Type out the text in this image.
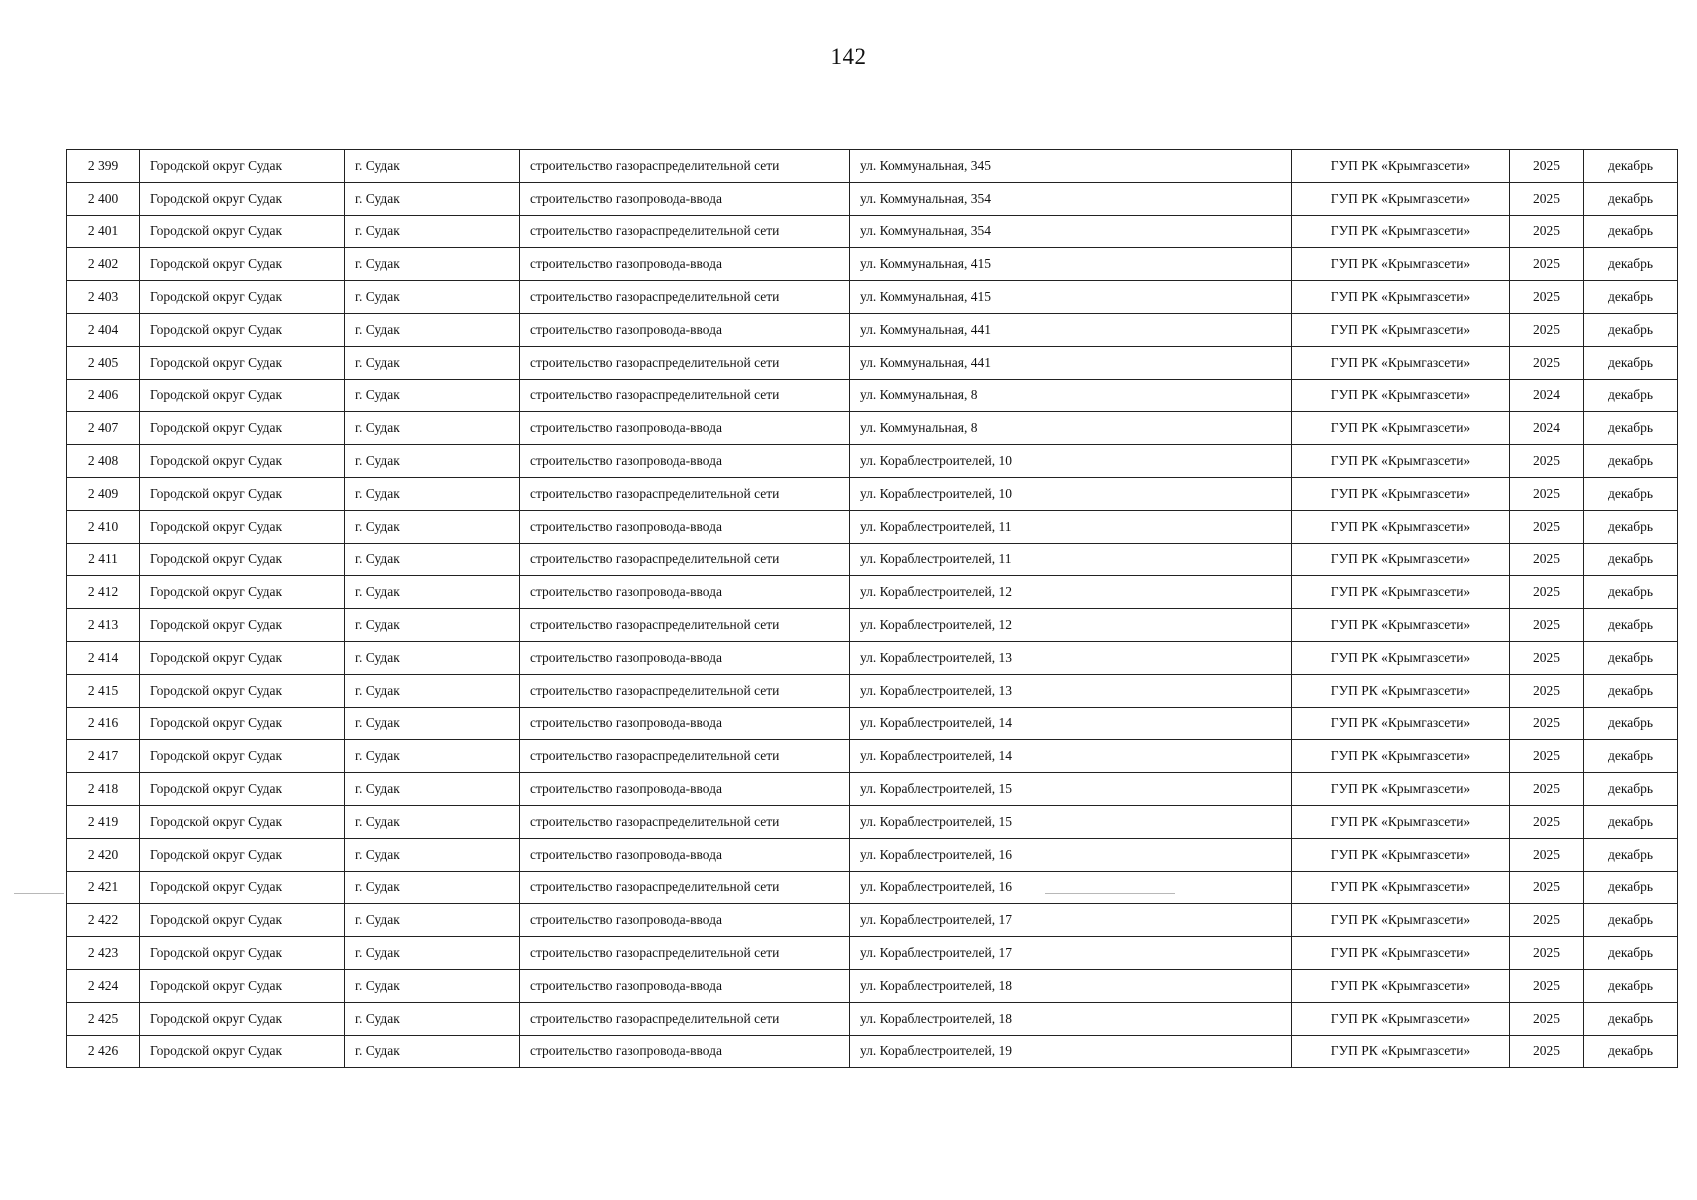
142
2 399	Городской округ Судак	г. Судак	строительство газораспределительной сети	ул. Коммунальная, 345	ГУП РК «Крымгазсети»	2025	декабрь
2 400	Городской округ Судак	г. Судак	строительство газопровода-ввода	ул. Коммунальная, 354	ГУП РК «Крымгазсети»	2025	декабрь
2 401	Городской округ Судак	г. Судак	строительство газораспределительной сети	ул. Коммунальная, 354	ГУП РК «Крымгазсети»	2025	декабрь
2 402	Городской округ Судак	г. Судак	строительство газопровода-ввода	ул. Коммунальная, 415	ГУП РК «Крымгазсети»	2025	декабрь
2 403	Городской округ Судак	г. Судак	строительство газораспределительной сети	ул. Коммунальная, 415	ГУП РК «Крымгазсети»	2025	декабрь
2 404	Городской округ Судак	г. Судак	строительство газопровода-ввода	ул. Коммунальная, 441	ГУП РК «Крымгазсети»	2025	декабрь
2 405	Городской округ Судак	г. Судак	строительство газораспределительной сети	ул. Коммунальная, 441	ГУП РК «Крымгазсети»	2025	декабрь
2 406	Городской округ Судак	г. Судак	строительство газораспределительной сети	ул. Коммунальная, 8	ГУП РК «Крымгазсети»	2024	декабрь
2 407	Городской округ Судак	г. Судак	строительство газопровода-ввода	ул. Коммунальная, 8	ГУП РК «Крымгазсети»	2024	декабрь
2 408	Городской округ Судак	г. Судак	строительство газопровода-ввода	ул. Кораблестроителей, 10	ГУП РК «Крымгазсети»	2025	декабрь
2 409	Городской округ Судак	г. Судак	строительство газораспределительной сети	ул. Кораблестроителей, 10	ГУП РК «Крымгазсети»	2025	декабрь
2 410	Городской округ Судак	г. Судак	строительство газопровода-ввода	ул. Кораблестроителей, 11	ГУП РК «Крымгазсети»	2025	декабрь
2 411	Городской округ Судак	г. Судак	строительство газораспределительной сети	ул. Кораблестроителей, 11	ГУП РК «Крымгазсети»	2025	декабрь
2 412	Городской округ Судак	г. Судак	строительство газопровода-ввода	ул. Кораблестроителей, 12	ГУП РК «Крымгазсети»	2025	декабрь
2 413	Городской округ Судак	г. Судак	строительство газораспределительной сети	ул. Кораблестроителей, 12	ГУП РК «Крымгазсети»	2025	декабрь
2 414	Городской округ Судак	г. Судак	строительство газопровода-ввода	ул. Кораблестроителей, 13	ГУП РК «Крымгазсети»	2025	декабрь
2 415	Городской округ Судак	г. Судак	строительство газораспределительной сети	ул. Кораблестроителей, 13	ГУП РК «Крымгазсети»	2025	декабрь
2 416	Городской округ Судак	г. Судак	строительство газопровода-ввода	ул. Кораблестроителей, 14	ГУП РК «Крымгазсети»	2025	декабрь
2 417	Городской округ Судак	г. Судак	строительство газораспределительной сети	ул. Кораблестроителей, 14	ГУП РК «Крымгазсети»	2025	декабрь
2 418	Городской округ Судак	г. Судак	строительство газопровода-ввода	ул. Кораблестроителей, 15	ГУП РК «Крымгазсети»	2025	декабрь
2 419	Городской округ Судак	г. Судак	строительство газораспределительной сети	ул. Кораблестроителей, 15	ГУП РК «Крымгазсети»	2025	декабрь
2 420	Городской округ Судак	г. Судак	строительство газопровода-ввода	ул. Кораблестроителей, 16	ГУП РК «Крымгазсети»	2025	декабрь
2 421	Городской округ Судак	г. Судак	строительство газораспределительной сети	ул. Кораблестроителей, 16	ГУП РК «Крымгазсети»	2025	декабрь
2 422	Городской округ Судак	г. Судак	строительство газопровода-ввода	ул. Кораблестроителей, 17	ГУП РК «Крымгазсети»	2025	декабрь
2 423	Городской округ Судак	г. Судак	строительство газораспределительной сети	ул. Кораблестроителей, 17	ГУП РК «Крымгазсети»	2025	декабрь
2 424	Городской округ Судак	г. Судак	строительство газопровода-ввода	ул. Кораблестроителей, 18	ГУП РК «Крымгазсети»	2025	декабрь
2 425	Городской округ Судак	г. Судак	строительство газораспределительной сети	ул. Кораблестроителей, 18	ГУП РК «Крымгазсети»	2025	декабрь
2 426	Городской округ Судак	г. Судак	строительство газопровода-ввода	ул. Кораблестроителей, 19	ГУП РК «Крымгазсети»	2025	декабрь
